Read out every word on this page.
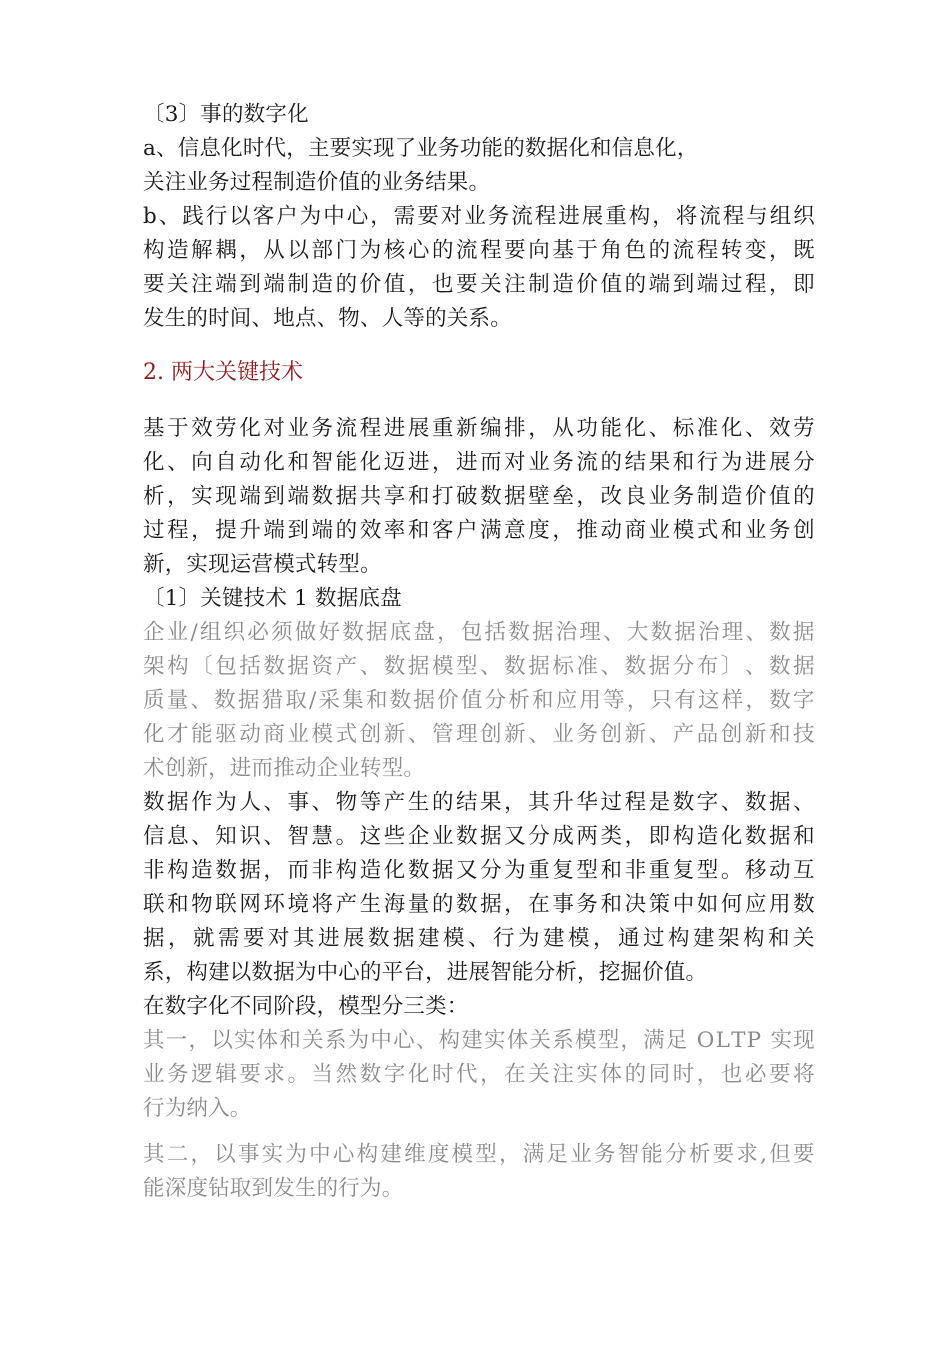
〔3〕事的数字化
a、信息化时代，主要实现了业务功能的数据化和信息化，
关注业务过程制造价值的业务结果。
b 、 践 行 以 客 户 为 中 心 ， 需 要 对 业 务 流 程 进 展 重 构 ， 将 流 程 与 组 织
构 造 解 耦 ， 从 以 部 门 为 核 心 的 流 程 要 向 基 于 角 色 的 流 程 转 变 ， 既
要 关 注 端 到 端 制 造 的 价 值 ， 也 要 关 注 制 造 价 值 的 端 到 端 过 程 ， 即
发生的时间、地点、物、人等的关系。
2. 两大关键技术
基 于 效 劳 化 对 业 务 流 程 进 展 重 新 编 排 ， 从 功 能 化 、 标 准 化 、 效 劳
化 、 向 自 动 化 和 智 能 化 迈 进 ， 进 而 对 业 务 流 的 结 果 和 行 为 进 展 分
析 ， 实 现 端 到 端 数 据 共 享 和 打 破 数 据 壁 垒 ， 改 良 业 务 制 造 价 值 的
过 程 ， 提 升 端 到 端 的 效 率 和 客 户 满 意 度 ， 推 动 商 业 模 式 和 业 务 创
新，实现运营模式转型。
〔1〕关键技术 1 数据底盘
企 业 / 组 织 必 须 做 好 数 据 底 盘 ， 包 括 数 据 治 理 、 大 数 据 治 理 、 数 据
架 构 〔 包 括 数 据 资 产 、 数 据 模 型 、 数 据 标 准 、 数 据 分 布 〕 、 数 据
质 量 、 数 据 猎 取 / 采 集 和 数 据 价 值 分 析 和 应 用 等 ， 只 有 这 样 ， 数 字
化 才 能 驱 动 商 业 模 式 创 新 、 管 理 创 新 、 业 务 创 新 、 产 品 创 新 和 技
术创新，进而推动企业转型。
数 据 作 为 人 、 事 、 物 等 产 生 的 结 果 ， 其 升 华 过 程 是 数 字 、 数 据 、
信 息 、 知 识 、 智 慧 。 这 些 企 业 数 据 又 分 成 两 类 ， 即 构 造 化 数 据 和
非 构 造 数 据 ， 而 非 构 造 化 数 据 又 分 为 重 复 型 和 非 重 复 型 。 移 动 互
联 和 物 联 网 环 境 将 产 生 海 量 的 数 据 ， 在 事 务 和 决 策 中 如 何 应 用 数
据 ， 就 需 要 对 其 进 展 数 据 建 模 、 行 为 建 模 ， 通 过 构 建 架 构 和 关
系，构建以数据为中心的平台，进展智能分析，挖掘价值。
在数字化不同阶段，模型分三类：
其 一 ， 以 实 体 和 关 系 为 中 心 、 构 建 实 体 关 系 模 型 ， 满 足
O L T P
实 现
业 务 逻 辑 要 求 。 当 然 数 字 化 时 代 ， 在 关 注 实 体 的 同 时 ， 也 必 要 将
行为纳入。
其 二 ， 以 事 实 为 中 心 构 建 维 度 模 型 ， 满 足 业 务 智 能 分 析 要 求 , 但 要
能深度钻取到发生的行为。
